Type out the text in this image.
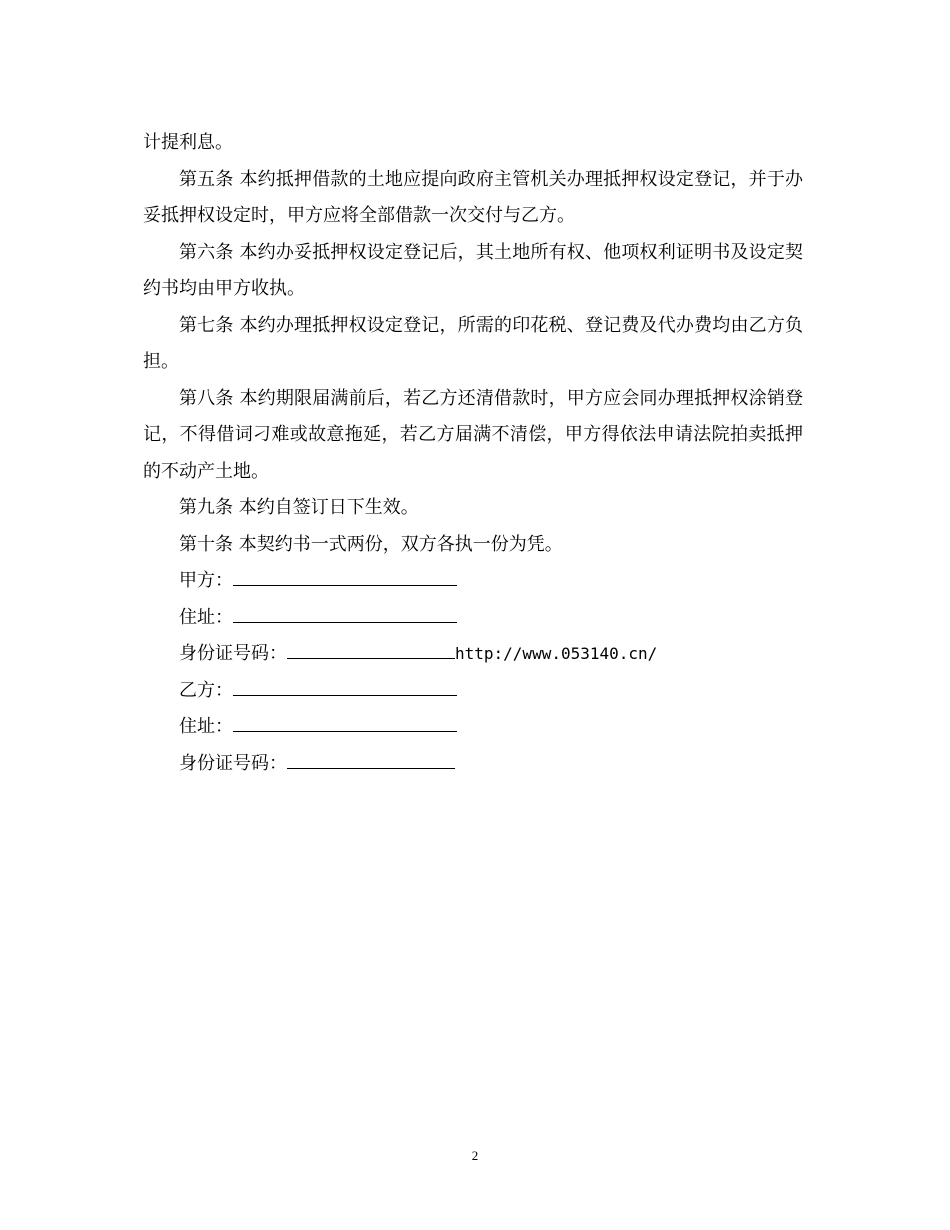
计提利息。

第五条 本约抵押借款的土地应提向政府主管机关办理抵押权设定登记，并于办妥抵押权设定时，甲方应将全部借款一次交付与乙方。

第六条 本约办妥抵押权设定登记后，其土地所有权、他项权利证明书及设定契约书均由甲方收执。

第七条 本约办理抵押权设定登记，所需的印花税、登记费及代办费均由乙方负担。

第八条 本约期限届满前后，若乙方还清借款时，甲方应会同办理抵押权涂销登记，不得借词刁难或故意拖延，若乙方届满不清偿，甲方得依法申请法院拍卖抵押的不动产土地。

第九条 本约自签订日下生效。

第十条 本契约书一式两份，双方各执一份为凭。

甲方：

住址：

身份证号码：	http://www.053140.cn/

乙方：

住址：

身份证号码：

2
